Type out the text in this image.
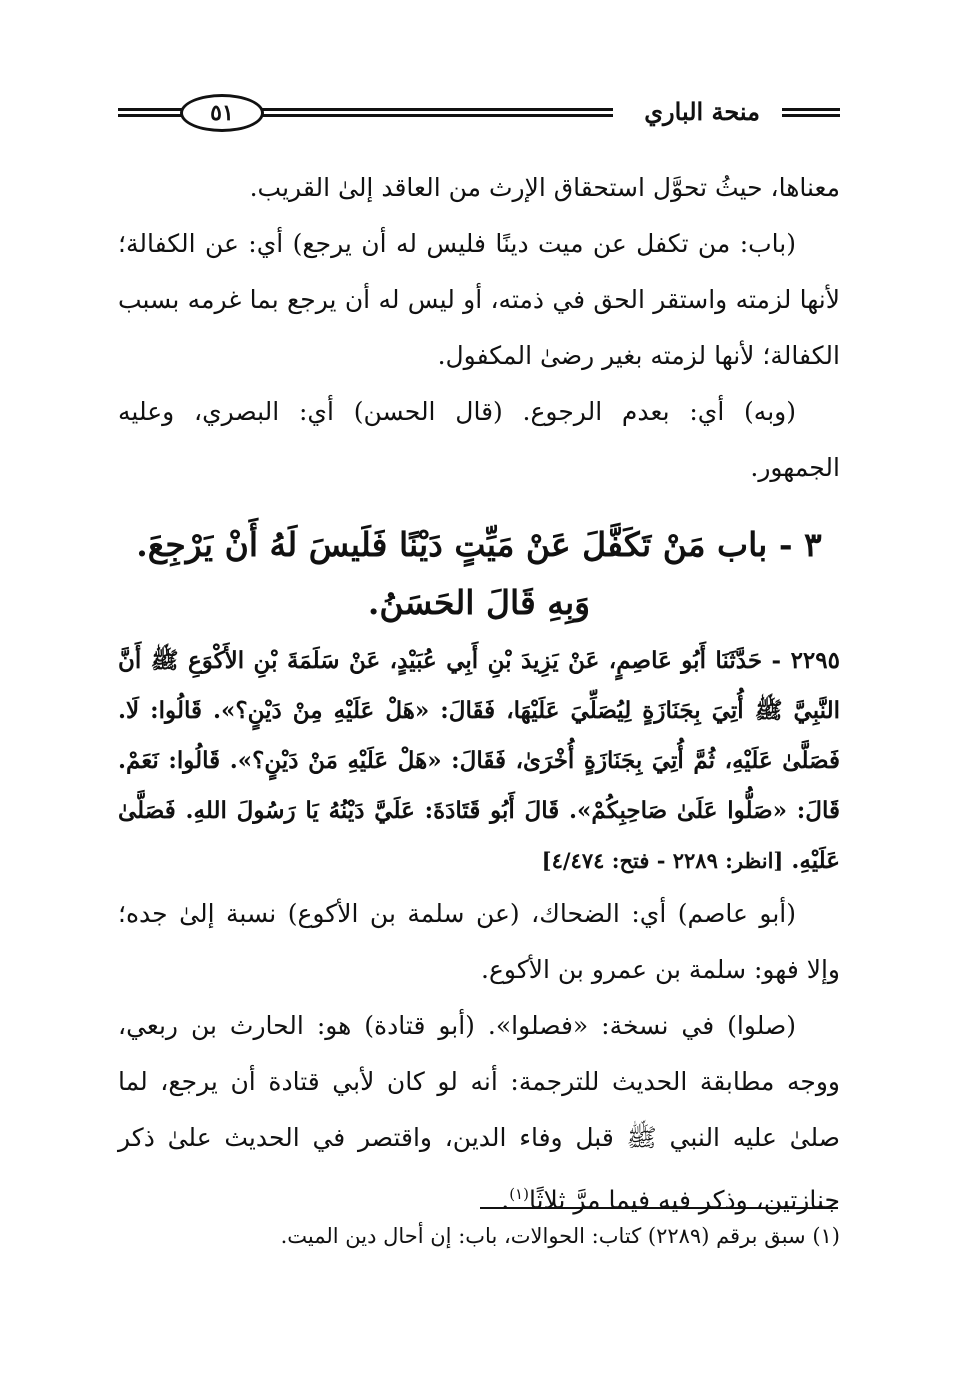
٥١	منحة الباري

معناها، حيثُ تحوَّل استحقاق الإرث من العاقد إلىٰ القريب.

(باب: من تكفل عن ميت دينًا فليس له أن يرجع) أي: عن الكفالة؛ لأنها لزمته واستقر الحق في ذمته، أو ليس له أن يرجع بما غرمه بسبب الكفالة؛ لأنها لزمته بغير رضىٰ المكفول.

(وبه) أي: بعدم الرجوع. (قال الحسن) أي: البصري، وعليه الجمهور.

٣ - باب مَنْ تَكَفَّلَ عَنْ مَيِّتٍ دَيْنًا فَلَيسَ لَهُ أَنْ يَرْجِعَ.
وَبِهِ قَالَ الحَسَنُ.

٢٢٩٥ - حَدَّثَنَا أَبُو عَاصِمٍ، عَنْ يَزِيدَ بْنِ أَبِي عُبَيْدٍ، عَنْ سَلَمَةَ بْنِ الأَكْوَعِ ﷺ أَنَّ النَّبِيَّ ﷺ أُتِيَ بِجَنَازَةٍ لِيُصَلِّيَ عَلَيْهَا، فَقَالَ: «هَلْ عَلَيْهِ مِنْ دَيْنٍ؟». قَالُوا: لَا. فَصَلَّىٰ عَلَيْهِ، ثُمَّ أُتِيَ بِجَنَازَةٍ أُخْرَىٰ، فَقَالَ: «هَلْ عَلَيْهِ مَنْ دَيْنٍ؟». قَالُوا: نَعَمْ. قَالَ: «صَلُّوا عَلَىٰ صَاحِبِكُمْ». قَالَ أَبُو قَتَادَةَ: عَلَيَّ دَيْنُهُ يَا رَسُولَ اللهِ. فَصَلَّىٰ عَلَيْهِ. [انظر: ٢٢٨٩ - فتح: ٤/٤٧٤]

(أبو عاصم) أي: الضحاك، (عن سلمة بن الأكوع) نسبة إلىٰ جده؛ وإلا فهو: سلمة بن عمرو بن الأكوع.

(صلوا) في نسخة: «فصلوا». (أبو قتادة) هو: الحارث بن ربعي، ووجه مطابقة الحديث للترجمة: أنه لو كان لأبي قتادة أن يرجع، لما صلىٰ عليه النبي ﷺ قبل وفاء الدين، واقتصر في الحديث علىٰ ذكر جنازتين، وذكر فيه فيما مرَّ ثلاثًا$^{(١)}$.

(١) سبق برقم (٢٢٨٩) كتاب: الحوالات، باب: إن أحال دين الميت.
